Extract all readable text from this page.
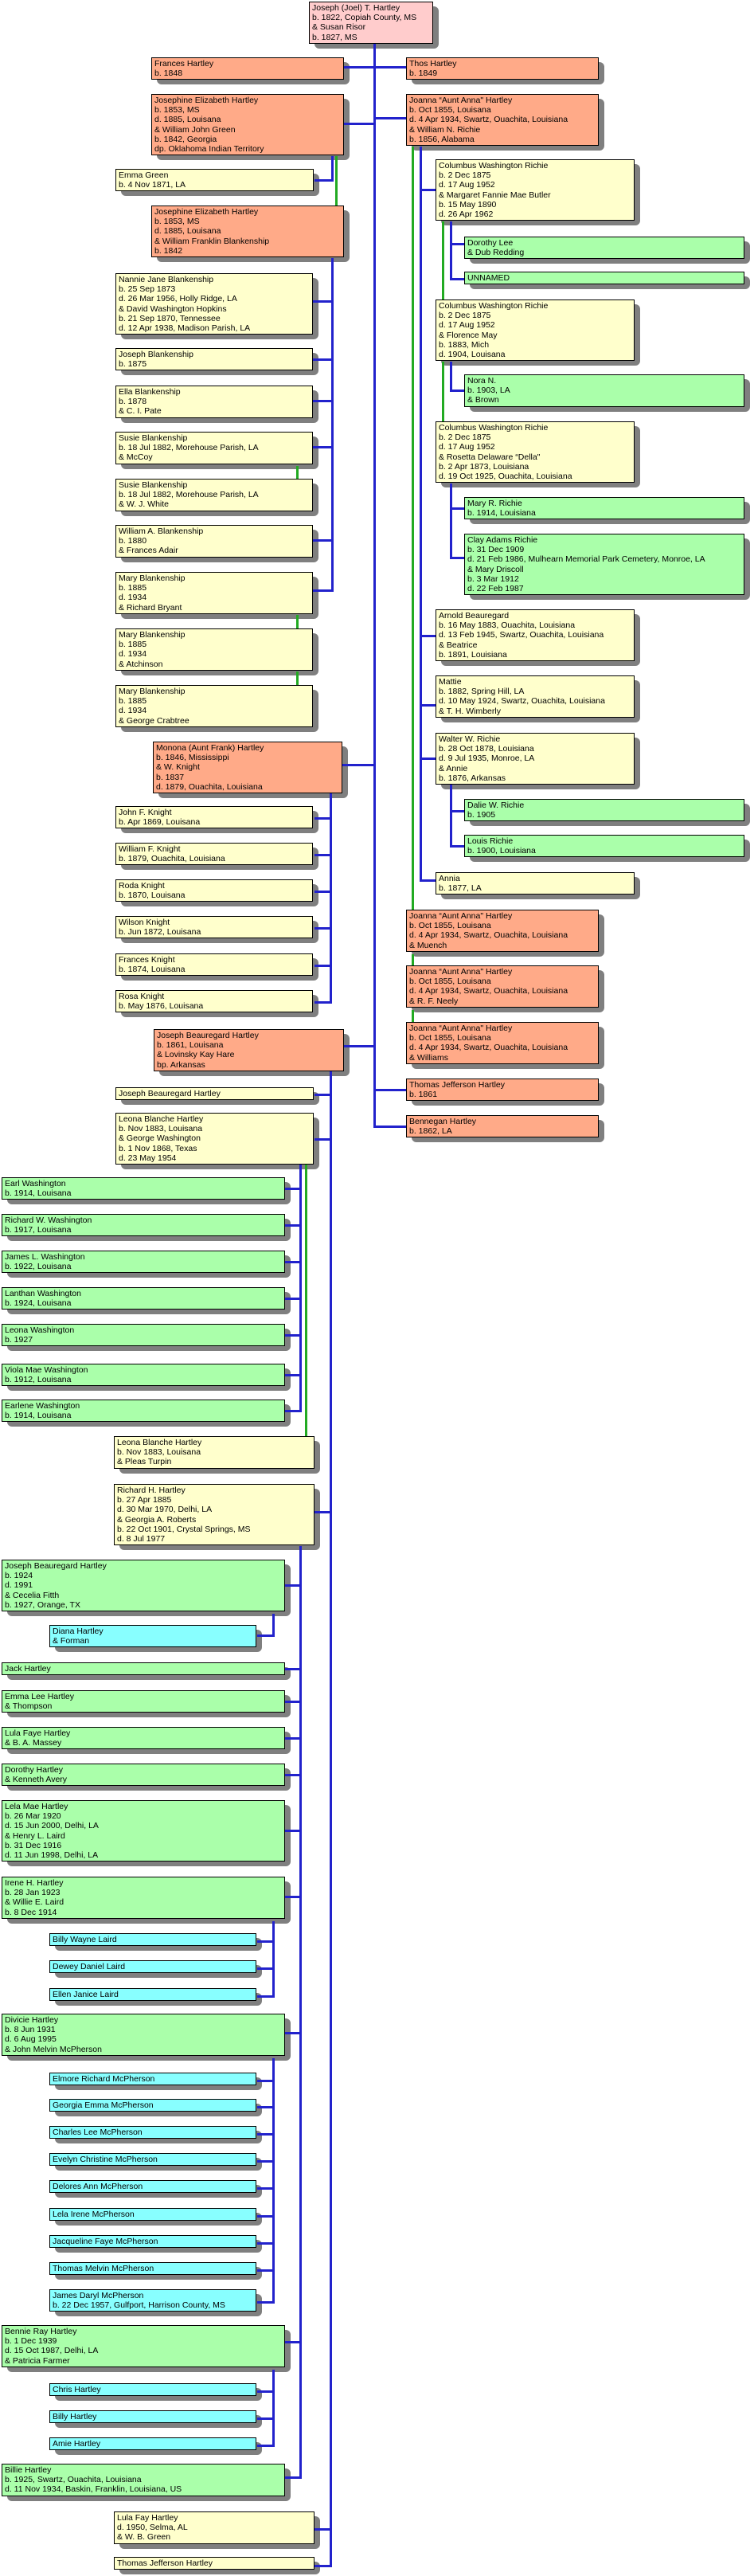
Joseph (Joel) T. Hartley
b. 1822, Copiah County, MS
& Susan Risor
b. 1827, MS
Frances Hartley
b. 1848
Thos Hartley
b. 1849
Josephine Elizabeth Hartley
b. 1853, MS
d. 1885, Louisana
& William John Green
b. 1842, Georgia
dp. Oklahoma Indian Territory
Joanna “Aunt Anna" Hartley
b. Oct 1855, Louisana
d. 4 Apr 1934, Swartz, Ouachita, Louisiana
& William N. Richie
b. 1856, Alabama
Emma Green
b. 4 Nov 1871, LA
Columbus Washington Richie
b. 2 Dec 1875
d. 17 Aug 1952
& Margaret Fannie Mae Butler
b. 15 May 1890
d. 26 Apr 1962
Josephine Elizabeth Hartley
b. 1853, MS
d. 1885, Louisana
& William Franklin Blankenship
b. 1842
Dorothy Lee
& Dub Redding
UNNAMED
Columbus Washington Richie
b. 2 Dec 1875
d. 17 Aug 1952
& Florence May
b. 1883, Mich
d. 1904, Louisana
Nora N.
b. 1903, LA
& Brown
Columbus Washington Richie
b. 2 Dec 1875
d. 17 Aug 1952
& Rosetta Delaware “Della"
b. 2 Apr 1873, Louisiana
d. 19 Oct 1925, Ouachita, Louisiana
Mary R. Richie
b. 1914, Louisiana
Clay Adams Richie
b. 31 Dec 1909
d. 21 Feb 1986, Mulhearn Memorial Park Cemetery, Monroe, LA
& Mary Driscoll
b. 3 Mar 1912
d. 22 Feb 1987
Arnold Beauregard
b. 16 May 1883, Ouachita, Louisiana
d. 13 Feb 1945, Swartz, Ouachita, Louisiana
& Beatrice
b. 1891, Louisiana
Mattie
b. 1882, Spring Hill, LA
d. 10 May 1924, Swartz, Ouachita, Louisiana
& T. H. Wimberly
Walter W. Richie
b. 28 Oct 1878, Louisiana
d. 9 Jul 1935, Monroe, LA
& Annie
b. 1876, Arkansas
Dalie W. Richie
b. 1905
Louis Richie
b. 1900, Louisiana
Annia
b. 1877, LA
Joanna “Aunt Anna" Hartley
b. Oct 1855, Louisana
d. 4 Apr 1934, Swartz, Ouachita, Louisiana
& Muench
Joanna “Aunt Anna" Hartley
b. Oct 1855, Louisana
d. 4 Apr 1934, Swartz, Ouachita, Louisiana
& R. F. Neely
Joanna “Aunt Anna" Hartley
b. Oct 1855, Louisana
d. 4 Apr 1934, Swartz, Ouachita, Louisiana
& Williams
Thomas Jefferson Hartley
b. 1861
Bennegan Hartley
b. 1862, LA
Nannie Jane Blankenship
b. 25 Sep 1873
d. 26 Mar 1956, Holly Ridge, LA
& David Washington Hopkins
b. 21 Sep 1870, Tennessee
d. 12 Apr 1938, Madison Parish, LA
Joseph Blankenship
b. 1875
Ella Blankenship
b. 1878
& C. I. Pate
Susie Blankenship
b. 18 Jul 1882, Morehouse Parish, LA
& McCoy
Susie Blankenship
b. 18 Jul 1882, Morehouse Parish, LA
& W. J. White
William A. Blankenship
b. 1880
& Frances Adair
Mary Blankenship
b. 1885
d. 1934
& Richard Bryant
Mary Blankenship
b. 1885
d. 1934
& Atchinson
Mary Blankenship
b. 1885
d. 1934
& George Crabtree
Monona (Aunt Frank) Hartley
b. 1846, Mississippi
& W. Knight
b. 1837
d. 1879, Ouachita, Louisiana
John F. Knight
b. Apr 1869, Louisana
William F. Knight
b. 1879, Ouachita, Louisiana
Roda Knight
b. 1870, Louisana
Wilson Knight
b. Jun 1872, Louisana
Frances Knight
b. 1874, Louisana
Rosa Knight
b. May 1876, Louisana
Joseph Beauregard Hartley
b. 1861, Louisana
& Lovinsky Kay Hare
bp. Arkansas
Joseph Beauregard Hartley
Leona Blanche Hartley
b. Nov 1883, Louisana
& George Washington
b. 1 Nov 1868, Texas
d. 23 May 1954
Earl Washington
b. 1914, Louisana
Richard W. Washington
b. 1917, Louisana
James L. Washington
b. 1922, Louisana
Lanthan Washington
b. 1924, Louisana
Leona Washington
b. 1927
Viola Mae Washington
b. 1912, Louisana
Earlene Washington
b. 1914, Louisana
Leona Blanche Hartley
b. Nov 1883, Louisana
& Pleas Turpin
Richard H. Hartley
b. 27 Apr 1885
d. 30 Mar 1970, Delhi, LA
& Georgia A. Roberts
b. 22 Oct 1901, Crystal Springs, MS
d. 8 Jul 1977
Joseph Beauregard Hartley
b. 1924
d. 1991
& Cecelia Fitth
b. 1927, Orange, TX
Diana Hartley
& Forman
Jack Hartley
Emma Lee Hartley
& Thompson
Lula Faye Hartley
& B. A. Massey
Dorothy Hartley
& Kenneth Avery
Lela Mae Hartley
b. 26 Mar 1920
d. 15 Jun 2000, Delhi, LA
& Henry L. Laird
b. 31 Dec 1916
d. 11 Jun 1998, Delhi, LA
Irene H. Hartley
b. 28 Jan 1923
& Willie E. Laird
b. 8 Dec 1914
Billy Wayne Laird
Dewey Daniel Laird
Ellen Janice Laird
Divicie Hartley
b. 8 Jun 1931
d. 6 Aug 1995
& John Melvin McPherson
Elmore Richard McPherson
Georgia Emma McPherson
Charles Lee McPherson
Evelyn Christine McPherson
Delores Ann McPherson
Lela Irene McPherson
Jacqueline Faye McPherson
Thomas Melvin McPherson
James Daryl McPherson
b. 22 Dec 1957, Gulfport, Harrison County, MS
Bennie Ray Hartley
b. 1 Dec 1939
d. 15 Oct 1987, Delhi, LA
& Patricia Farmer
Chris Hartley
Billy Hartley
Amie Hartley
Billie Hartley
b. 1925, Swartz, Ouachita, Louisiana
d. 11 Nov 1934, Baskin, Franklin, Louisiana, US
Lula Fay Hartley
d. 1950, Selma, AL
& W. B. Green
Thomas Jefferson Hartley
